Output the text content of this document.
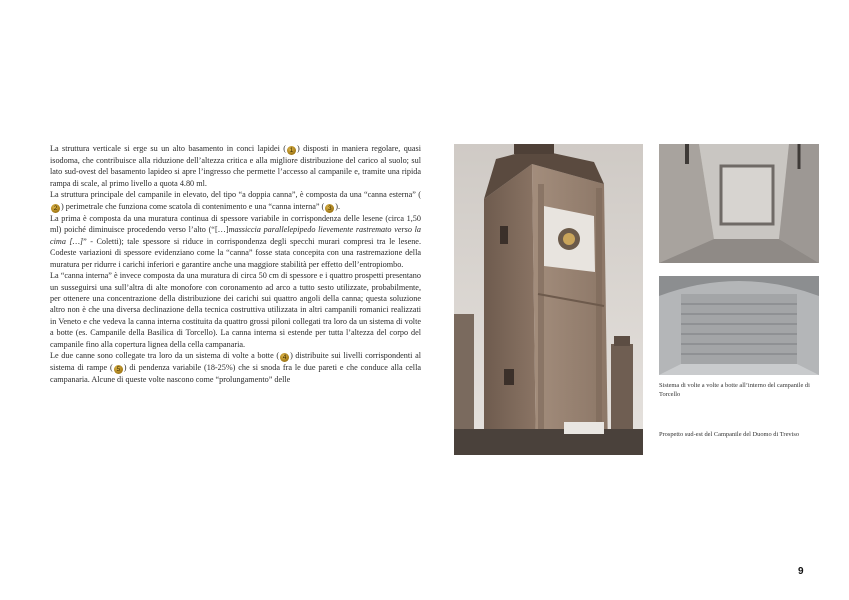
La struttura verticale si erge su un alto basamento in conci lapidei ( 1 ) disposti in maniera regolare, quasi isodoma, che contribuisce alla riduzione dell’altezza critica e alla migliore distribuzione del carico al suolo; sul lato sud-ovest del basamento lapideo si apre l’ingresso che permette l’accesso al campanile e, tramite una ripida rampa di scale, al primo livello a quota 4.80 ml.

La struttura principale del campanile in elevato, del tipo “a doppia canna”, è composta da una “canna esterna” (2 ) perimetrale che funziona come scatola di contenimento e una “canna interna” ( 3 ).

La prima è composta da una muratura continua di spessore variabile in corrispondenza delle lesene (circa 1,50 ml) poiché diminuisce procedendo verso l’alto (“[…]massiccia parallelepipedo lievemente rastremato verso la cima […]” - Coletti); tale spessore si riduce in corrispondenza degli specchi murari compresi tra le lesene. Codeste variazioni di spessore evidenziano come la “canna” fosse stata concepita con una rastremazione della muratura per ridurre i carichi inferiori e garantire anche una maggiore stabilità per effetto dell’entropiombo.

La “canna interna” è invece composta da una muratura di circa 50 cm di spessore e i quattro prospetti presentano un susseguirsi una sull’altra di alte monofore con coronamento ad arco a tutto sesto utilizzate, probabilmente, per ottenere una concentrazione della distribuzione dei carichi sui quattro angoli della canna; questa soluzione altro non è che una diversa declinazione della tecnica costruttiva utilizzata in altri campanili romanici realizzati in Veneto e che vedeva la canna interna costituita da quattro grossi piloni collegati tra loro da un sistema di volte a botte (es. Campanile della Basilica di Torcello). La canna interna si estende per tutta l’altezza del corpo del campanile fino alla copertura lignea della cella campanaria.

Le due canne sono collegate tra loro da un sistema di volte a botte ( 4 ) distribuite sui livelli corrispondenti al sistema di rampe ( 5 ) di pendenza variabile (18-25%) che si snoda fra le due pareti e che conduce alla cella campanaria. Alcune di queste volte nascono come “prolungamento” delle

Sistema di volte a volte a botte all’interno del campanile di Torcello
Prospetto sud-est del Campanile del Duomo di Treviso
9
